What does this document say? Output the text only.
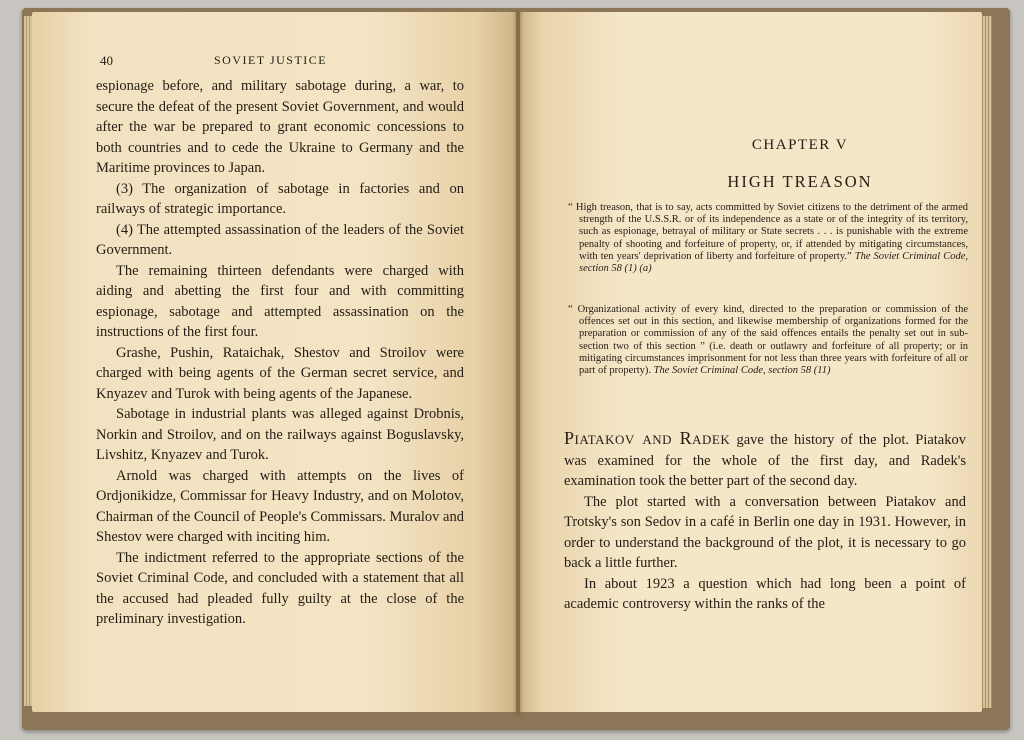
40	SOVIET JUSTICE

espionage before, and military sabotage during, a war, to secure the defeat of the present Soviet Government, and would after the war be prepared to grant economic concessions to both countries and to cede the Ukraine to Germany and the Maritime provinces to Japan.

(3) The organization of sabotage in factories and on railways of strategic importance.

(4) The attempted assassination of the leaders of the Soviet Government.

The remaining thirteen defendants were charged with aiding and abetting the first four and with committing espionage, sabotage and attempted assassination on the instructions of the first four.

Grashe, Pushin, Rataichak, Shestov and Stroilov were charged with being agents of the German secret service, and Knyazev and Turok with being agents of the Japanese.

Sabotage in industrial plants was alleged against Drobnis, Norkin and Stroilov, and on the railways against Boguslavsky, Livshitz, Knyazev and Turok.

Arnold was charged with attempts on the lives of Ordjonikidze, Commissar for Heavy Industry, and on Molotov, Chairman of the Council of People's Commissars. Muralov and Shestov were charged with inciting him.

The indictment referred to the appropriate sections of the Soviet Criminal Code, and concluded with a statement that all the accused had pleaded fully guilty at the close of the preliminary investigation.

CHAPTER V
HIGH TREASON

“ High treason, that is to say, acts committed by Soviet citizens to the detriment of the armed strength of the U.S.S.R. or of its independence as a state or of the integrity of its territory, such as espionage, betrayal of military or State secrets . . . is punishable with the extreme penalty of shooting and forfeiture of property, or, if attended by mitigating circumstances, with ten years' deprivation of liberty and forfeiture of property.” The Soviet Criminal Code, section 58 (1) (a)

“ Organizational activity of every kind, directed to the preparation or commission of the offences set out in this section, and likewise membership of organizations formed for the preparation or commission of any of the said offences entails the penalty set out in sub-section two of this section ” (i.e. death or outlawry and forfeiture of all property; or in mitigating circumstances imprisonment for not less than three years with forfeiture of all or part of property). The Soviet Criminal Code, section 58 (11)

Piatakov and Radek gave the history of the plot. Piatakov was examined for the whole of the first day, and Radek's examination took the better part of the second day.

The plot started with a conversation between Piatakov and Trotsky's son Sedov in a café in Berlin one day in 1931. However, in order to understand the background of the plot, it is necessary to go back a little further.

In about 1923 a question which had long been a point of academic controversy within the ranks of the
